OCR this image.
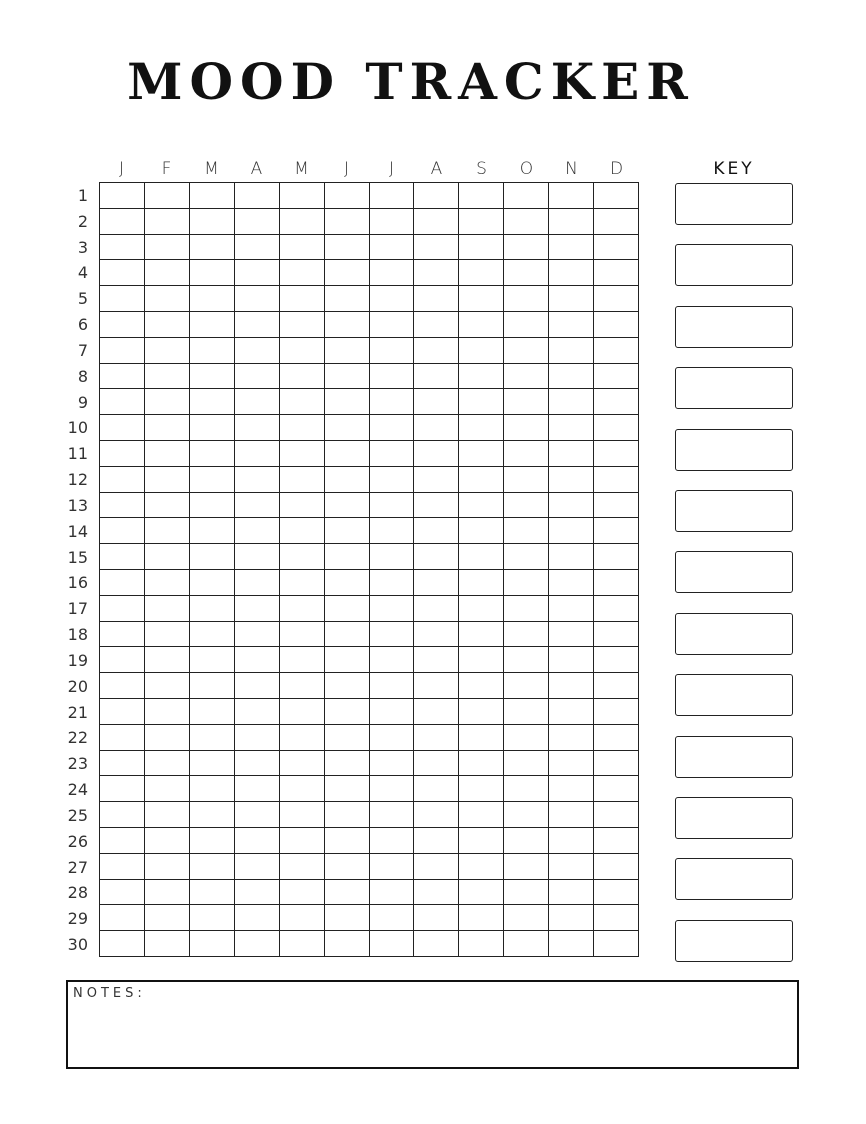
MOOD TRACKER
J	F	M	A	M	J	J	A	S	O	N	D
1
2
3
4
5
6
7
8
9
10
11
12
13
14
15
16
17
18
19
20
21
22
23
24
25
26
27
28
29
30
KEY
NOTES:
